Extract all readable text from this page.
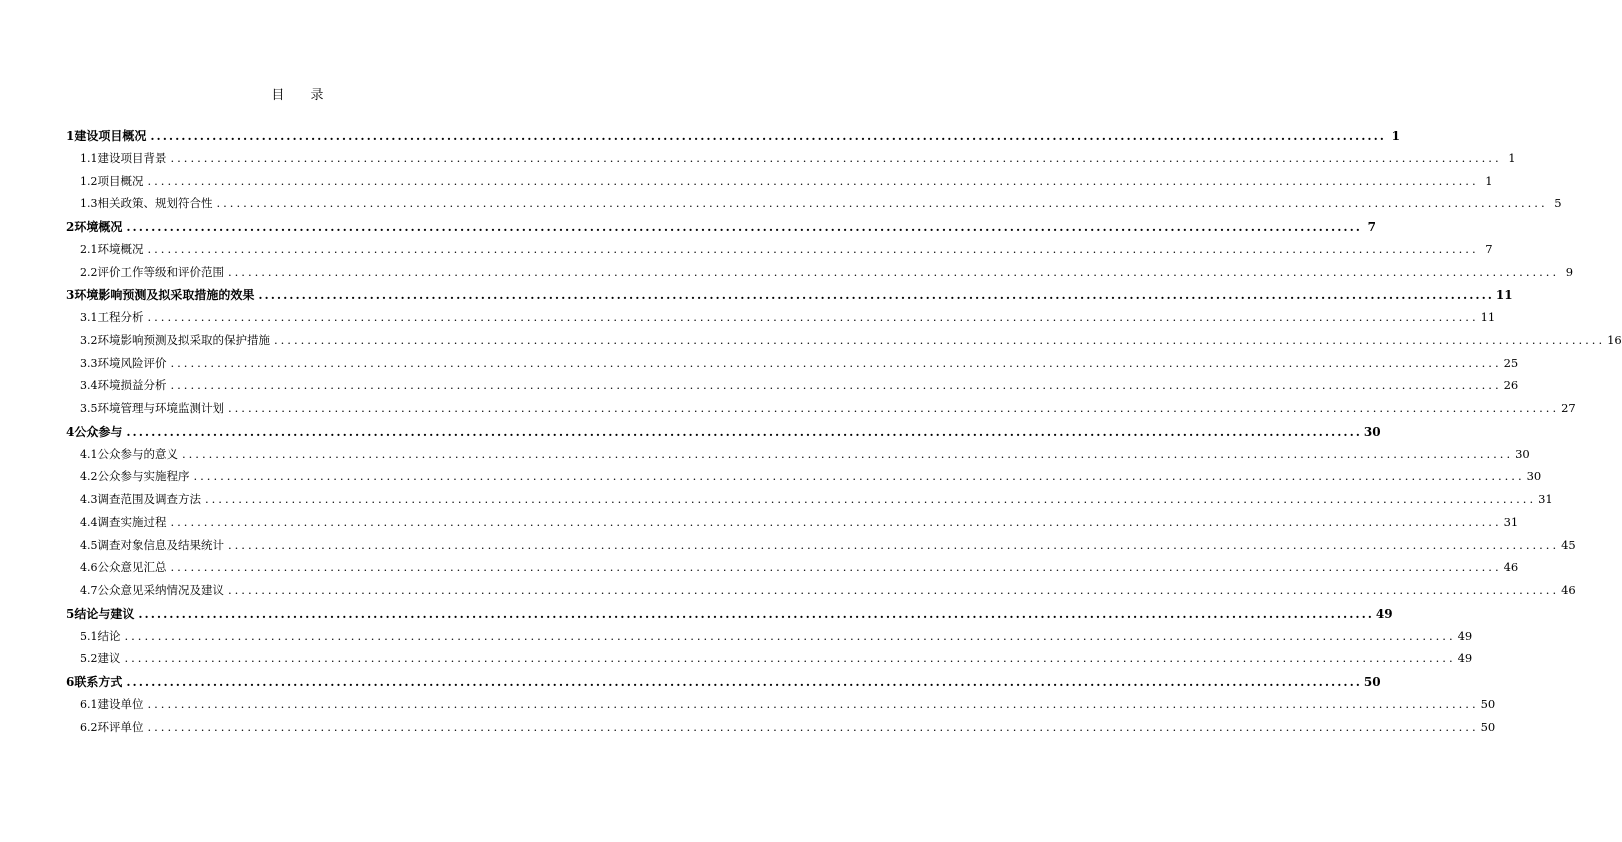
目 录
1 建设项目概况 ........................................................................................................................................................................................................ 1
1.1 建设项目背景 ........................................................................................................................................................................................................ 1
1.2 项目概况 ........................................................................................................................................................................................................ 1
1.3 相关政策、规划符合性 ........................................................................................................................................................................................................ 5
2 环境概况 ........................................................................................................................................................................................................ 7
2.1 环境概况 ........................................................................................................................................................................................................ 7
2.2 评价工作等级和评价范围 ........................................................................................................................................................................................................ 9
3 环境影响预测及拟采取措施的效果 ........................................................................................................................................................................................................ 11
3.1 工程分析 ........................................................................................................................................................................................................ 11
3.2 环境影响预测及拟采取的保护措施 ........................................................................................................................................................................................................ 16
3.3 环境风险评价 ........................................................................................................................................................................................................ 25
3.4 环境损益分析 ........................................................................................................................................................................................................ 26
3.5 环境管理与环境监测计划 ........................................................................................................................................................................................................ 27
4 公众参与 ........................................................................................................................................................................................................ 30
4.1 公众参与的意义 ........................................................................................................................................................................................................ 30
4.2 公众参与实施程序 ........................................................................................................................................................................................................ 30
4.3 调查范围及调查方法 ........................................................................................................................................................................................................ 31
4.4 调查实施过程 ........................................................................................................................................................................................................ 31
4.5 调查对象信息及结果统计 ........................................................................................................................................................................................................ 45
4.6 公众意见汇总 ........................................................................................................................................................................................................ 46
4.7 公众意见采纳情况及建议 ........................................................................................................................................................................................................ 46
5 结论与建议 ........................................................................................................................................................................................................ 49
5.1 结论 ........................................................................................................................................................................................................ 49
5.2 建议 ........................................................................................................................................................................................................ 49
6 联系方式 ........................................................................................................................................................................................................ 50
6.1 建设单位 ........................................................................................................................................................................................................ 50
6.2 环评单位 ........................................................................................................................................................................................................ 50
